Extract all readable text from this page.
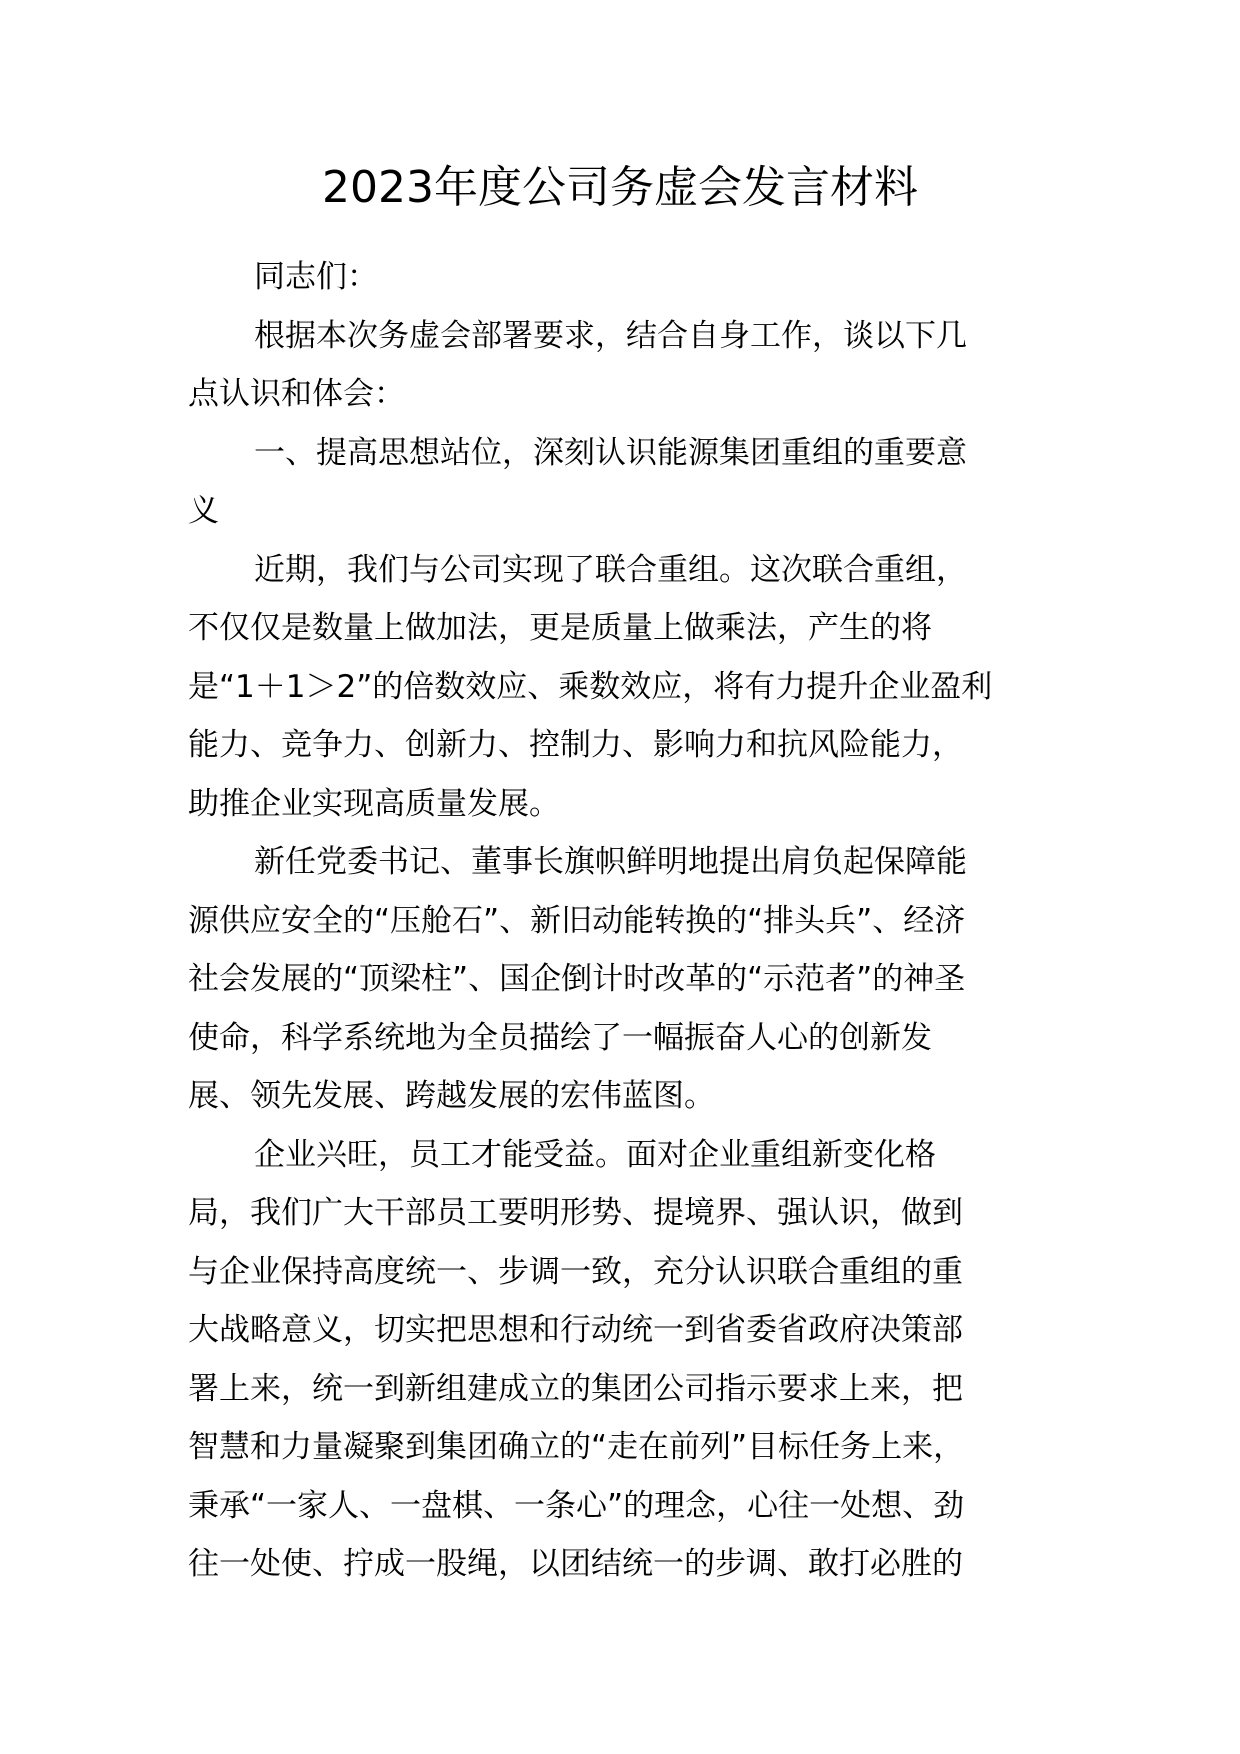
2023年度公司务虚会发言材料
同志们：
根据本次务虚会部署要求，结合自身工作，谈以下几
点认识和体会：
一、提高思想站位，深刻认识能源集团重组的重要意
义
近期，我们与公司实现了联合重组。这次联合重组，
不仅仅是数量上做加法，更是质量上做乘法，产生的将
是“1＋1＞2”的倍数效应、乘数效应，将有力提升企业盈利
能力、竞争力、创新力、控制力、影响力和抗风险能力，
助推企业实现高质量发展。
新任党委书记、董事长旗帜鲜明地提出肩负起保障能
源供应安全的“压舱石”、新旧动能转换的“排头兵”、经济
社会发展的“顶梁柱”、国企倒计时改革的“示范者”的神圣
使命，科学系统地为全员描绘了一幅振奋人心的创新发
展、领先发展、跨越发展的宏伟蓝图。
企业兴旺，员工才能受益。面对企业重组新变化格
局，我们广大干部员工要明形势、提境界、强认识，做到
与企业保持高度统一、步调一致，充分认识联合重组的重
大战略意义，切实把思想和行动统一到省委省政府决策部
署上来，统一到新组建成立的集团公司指示要求上来，把
智慧和力量凝聚到集团确立的“走在前列”目标任务上来，
秉承“一家人、一盘棋、一条心”的理念，心往一处想、劲
往一处使、拧成一股绳，以团结统一的步调、敢打必胜的
